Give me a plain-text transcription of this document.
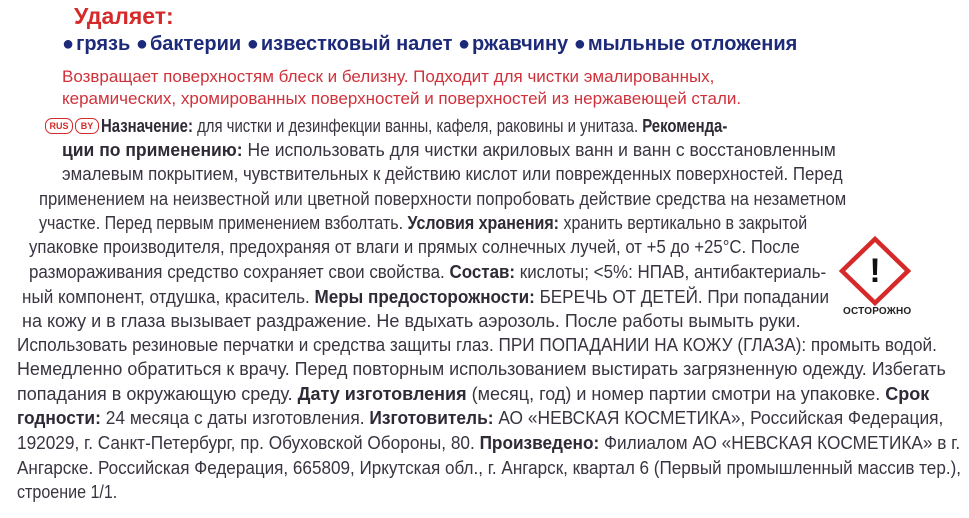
Удаляет:
● грязь ● бактерии ● известковый налет ● ржавчину ● мыльные отложения
Возвращает поверхностям блеск и белизну. Подходит для чистки эмалированных,
керамических, хромированных поверхностей и поверхностей из нержавеющей стали.
RUS	BY Назначение: для чистки и дезинфекции ванны, кафеля, раковины и унитаза. Рекоменда-
ции по применению: Не использовать для чистки акриловых ванн и ванн с восстановленным
эмалевым покрытием, чувствительных к действию кислот или поврежденных поверхностей. Перед
применением на неизвестной или цветной поверхности попробовать действие средства на незаметном
участке. Перед первым применением взболтать. Условия хранения: хранить вертикально в закрытой
упаковке производителя, предохраняя от влаги и прямых солнечных лучей, от +5 до +25°С. После
размораживания средство сохраняет свои свойства. Состав: кислоты; <5%: НПАВ, антибактериаль-
ный компонент, отдушка, краситель. Меры предосторожности: БЕРЕЧЬ ОТ ДЕТЕЙ. При попадании
на кожу и в глаза вызывает раздражение. Не вдыхать аэрозоль. После работы вымыть руки.
Использовать резиновые перчатки и средства защиты глаз. ПРИ ПОПАДАНИИ НА КОЖУ (ГЛАЗА): промыть водой.
Немедленно обратиться к врачу. Перед повторным использованием выстирать загрязненную одежду. Избегать
попадания в окружающую среду. Дату изготовления (месяц, год) и номер партии смотри на упаковке. Срок
годности: 24 месяца с даты изготовления. Изготовитель: АО «НЕВСКАЯ КОСМЕТИКА», Российская Федерация,
192029, г. Санкт-Петербург, пр. Обуховской Обороны, 80. Произведено: Филиалом АО «НЕВСКАЯ КОСМЕТИКА» в г.
Ангарске. Российская Федерация, 665809, Иркутская обл., г. Ангарск, квартал 6 (Первый промышленный массив тер.),
строение 1/1.
!
ОСТОРОЖНО
